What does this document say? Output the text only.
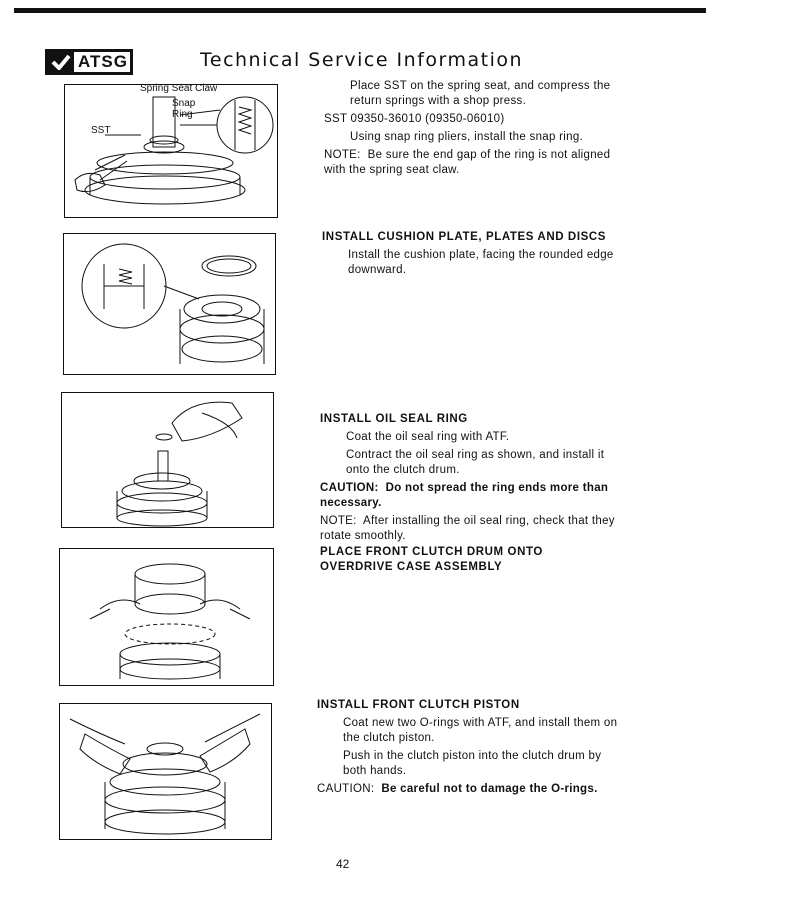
ATSG	Technical Service Information
Spring Seat Claw
Snap
Ring
SST

Place SST on the spring seat, and compress the return springs with a shop press.

SST 09350-36010 (09350-06010)

Using snap ring pliers, install the snap ring.

NOTE: Be sure the end gap of the ring is not aligned with the spring seat claw.

INSTALL CUSHION PLATE, PLATES AND DISCS

Install the cushion plate, facing the rounded edge downward.

INSTALL OIL SEAL RING

Coat the oil seal ring with ATF.

Contract the oil seal ring as shown, and install it onto the clutch drum.

CAUTION: Do not spread the ring ends more than necessary.

NOTE: After installing the oil seal ring, check that they rotate smoothly.

PLACE FRONT CLUTCH DRUM ONTO

OVERDRIVE CASE ASSEMBLY

INSTALL FRONT CLUTCH PISTON

Coat new two O-rings with ATF, and install them on the clutch piston.

Push in the clutch piston into the clutch drum by both hands.

CAUTION: Be careful not to damage the O-rings.

42
